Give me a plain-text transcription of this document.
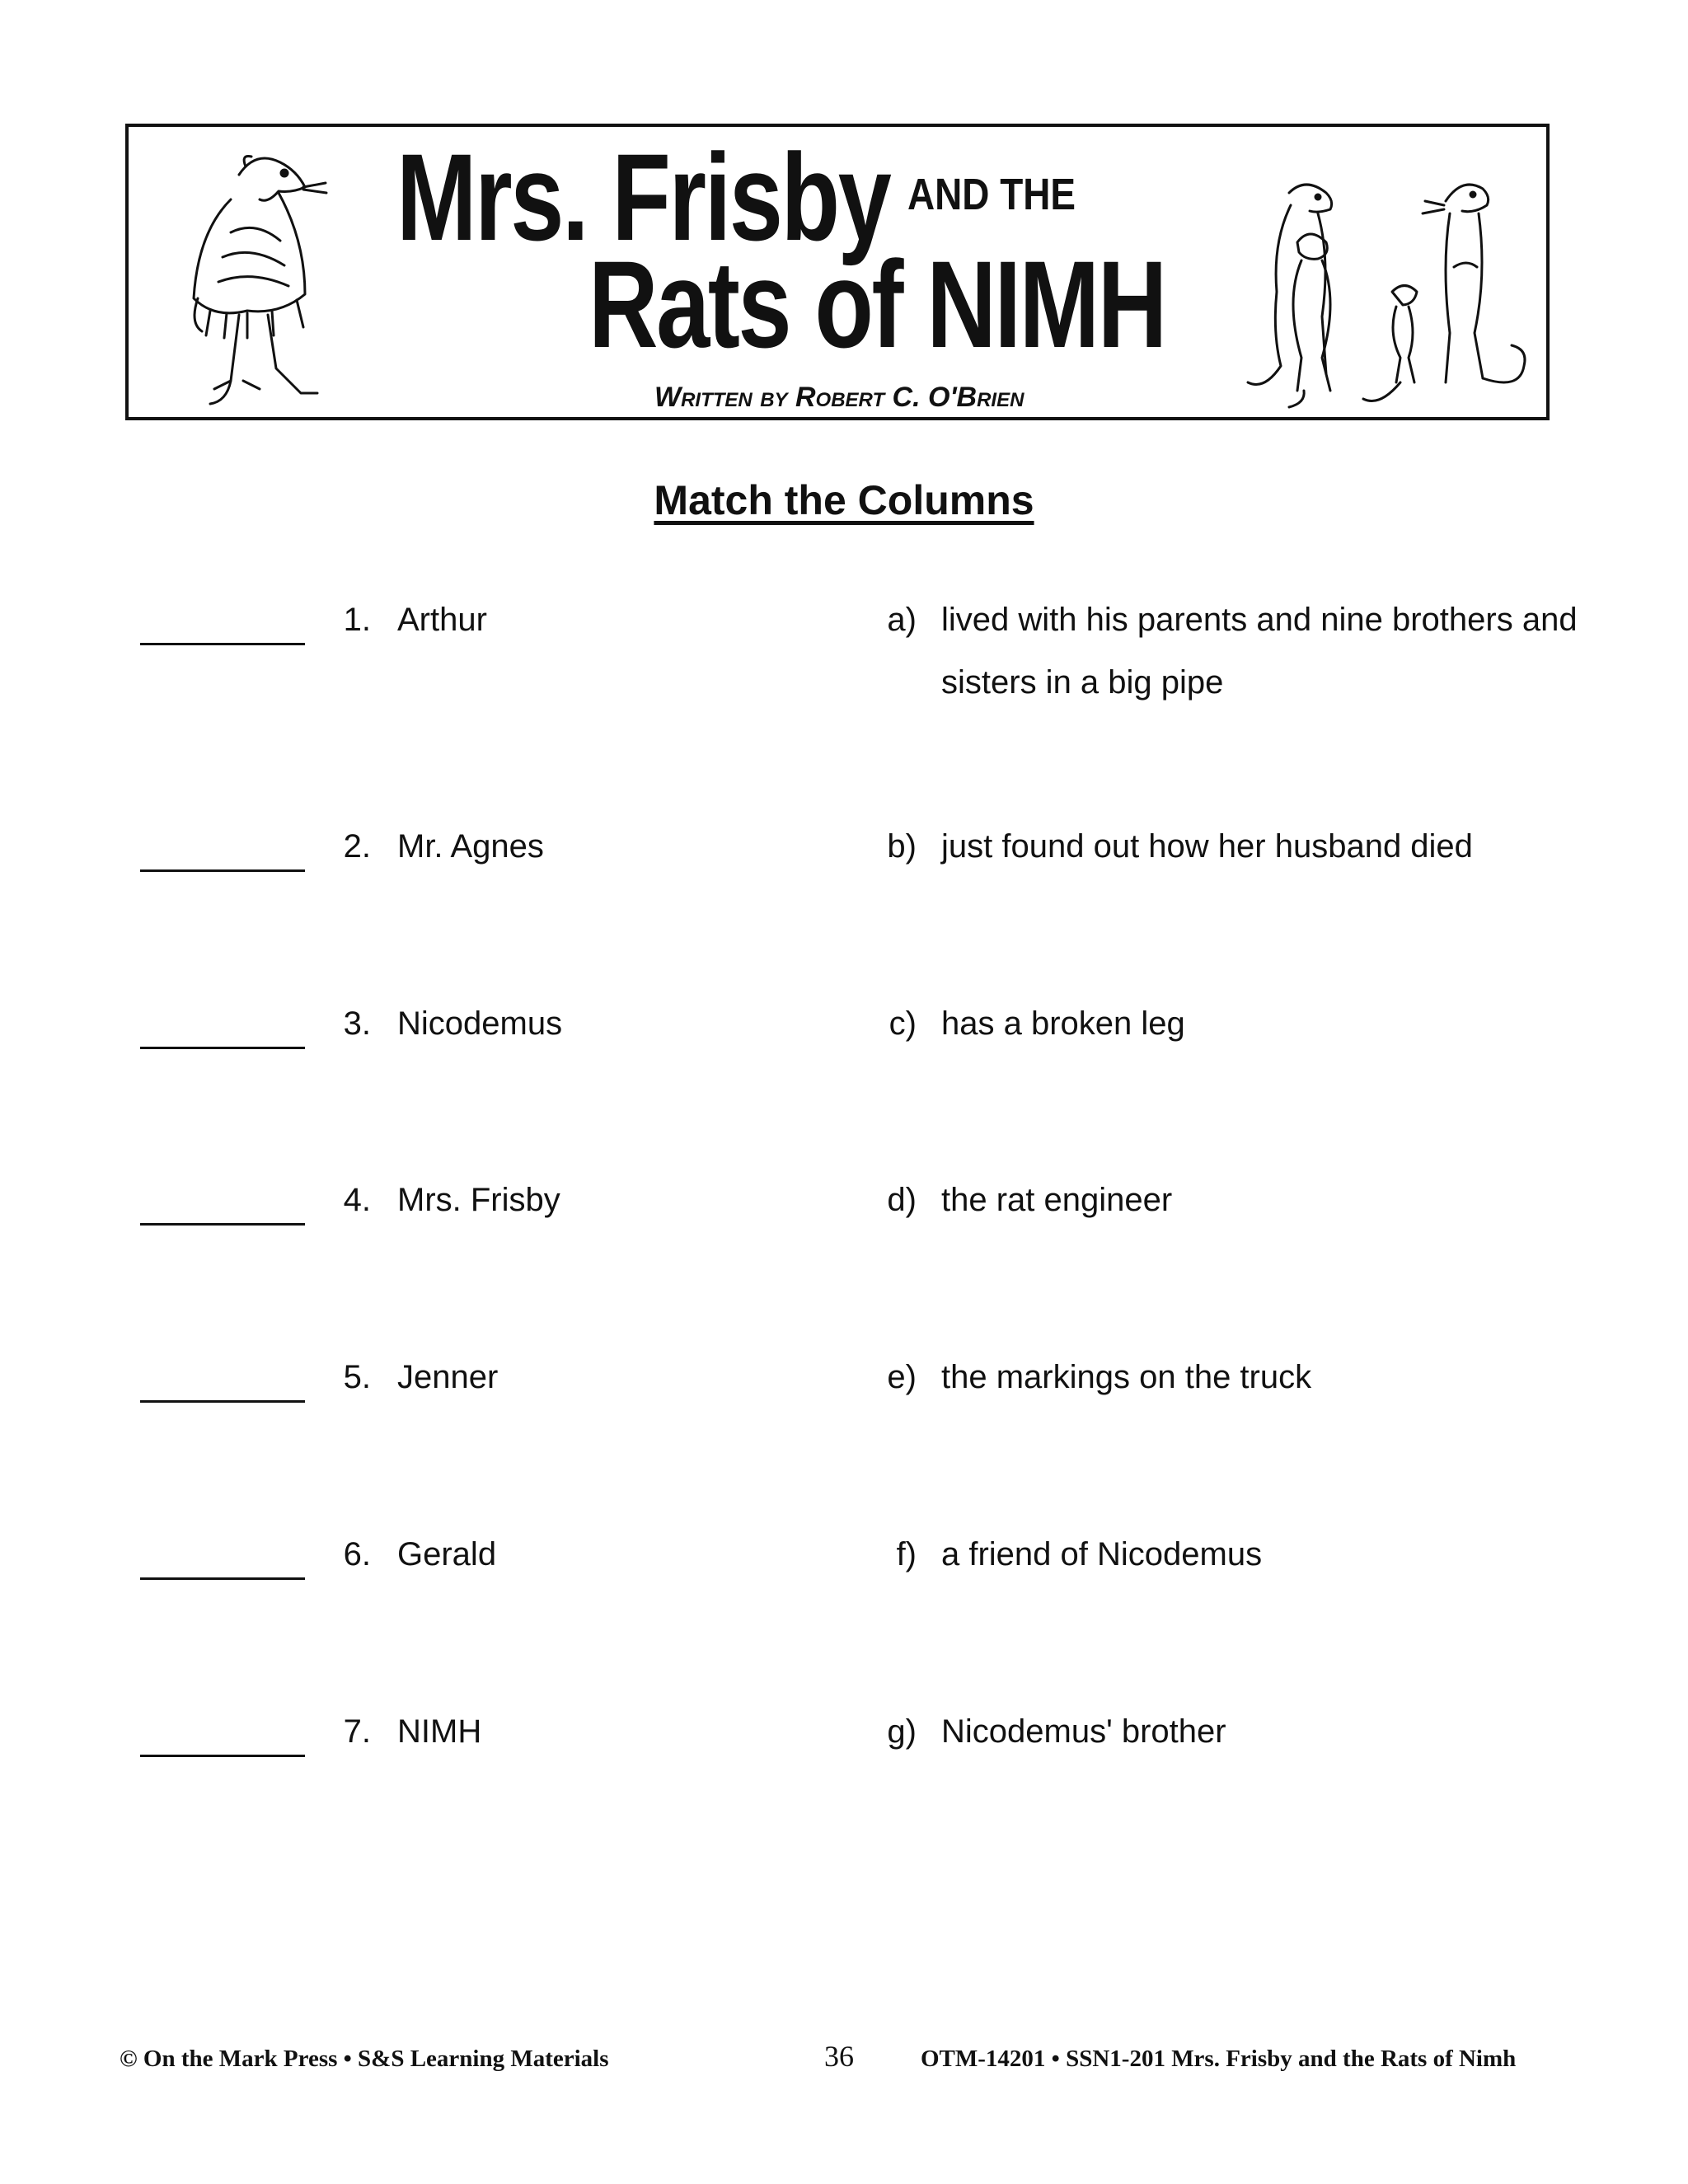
Mrs. Frisby AND THE
Rats of NIMH
Written by Robert C. O'Brien
Match the Columns
1. Arthur	a) lived with his parents and nine brothers and sisters in a big pipe
2. Mr. Agnes	b) just found out how her husband died
3. Nicodemus	c) has a broken leg
4. Mrs. Frisby	d) the rat engineer
5. Jenner	e) the markings on the truck
6. Gerald	f) a friend of Nicodemus
7. NIMH	g) Nicodemus' brother
© On the Mark Press • S&S Learning Materials	36	OTM-14201 • SSN1-201 Mrs. Frisby and the Rats of Nimh
